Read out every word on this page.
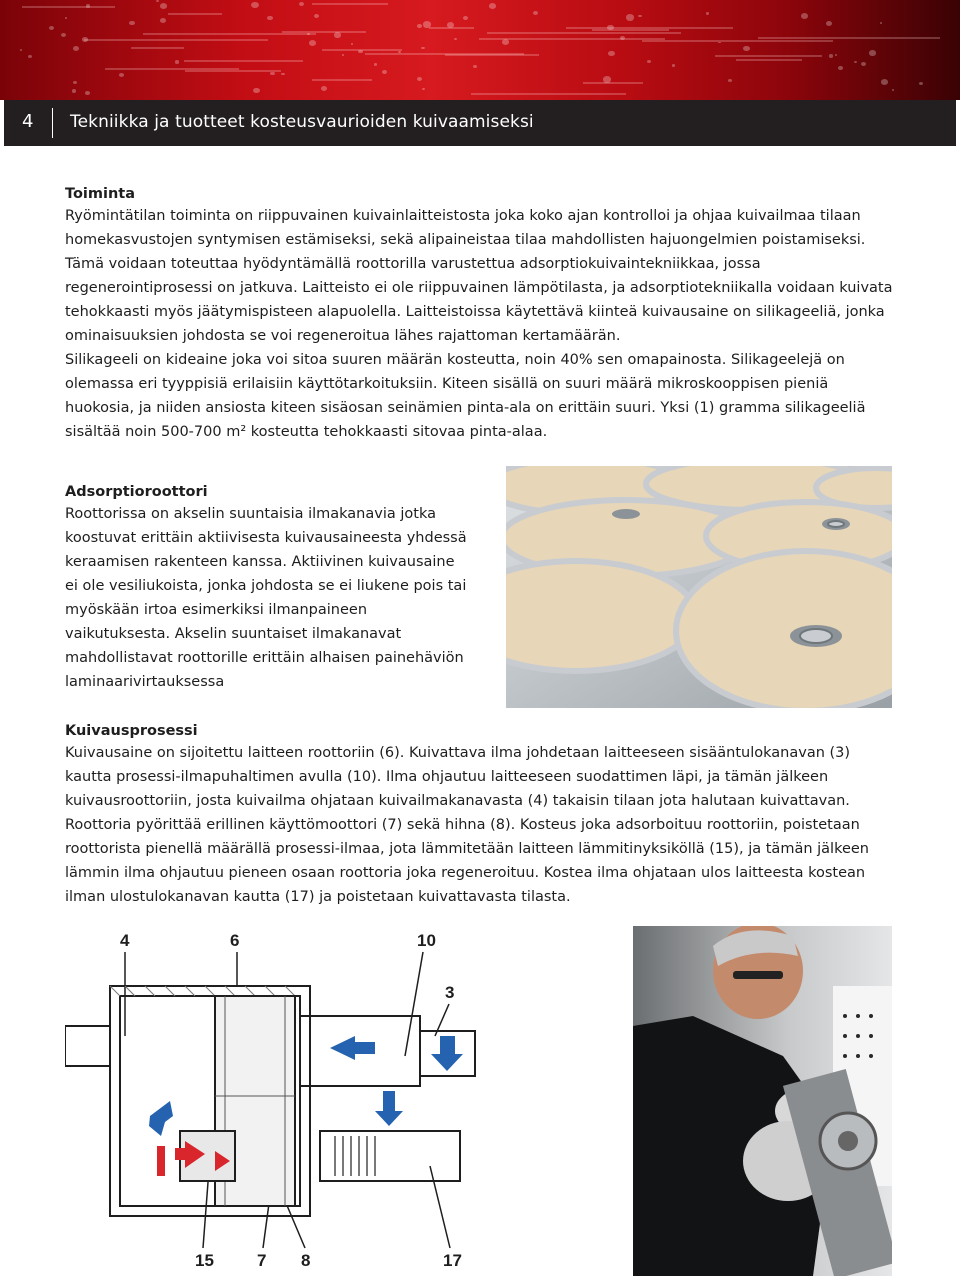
4 Tekniikka ja tuotteet kosteusvaurioiden kuivaamiseksi

Toiminta

Ryömintätilan toiminta on riippuvainen kuivainlaitteistosta joka koko ajan kontrolloi ja ohjaa kuivailmaa tilaan homekasvustojen syntymisen estämiseksi, sekä alipaineistaa tilaa mahdollisten hajuongelmien poistamiseksi. Tämä voidaan toteuttaa hyödyntämällä roottorilla varustettua adsorptiokuivaintekniikkaa, jossa regenerointiprosessi on jatkuva. Laitteisto ei ole riippuvainen lämpötilasta, ja adsorptiotekniikalla voidaan kuivata tehokkaasti myös jäätymispisteen alapuolella. Laitteistoissa käytettävä kiinteä kuivausaine on silikageeliä, jonka ominaisuuksien johdosta se voi regeneroitua lähes rajattoman kertamäärän.

Silikageeli on kideaine joka voi sitoa suuren määrän kosteutta, noin 40% sen omapainosta. Silikageelejä on olemassa eri tyyppisiä erilaisiin käyttötarkoituksiin. Kiteen sisällä on suuri määrä mikroskooppisen pieniä huokosia, ja niiden ansiosta kiteen sisäosan seinämien pinta-ala on erittäin suuri. Yksi (1) gramma silikageeliä sisältää noin 500-700 m² kosteutta tehokkaasti sitovaa pinta-alaa.

Adsorptioroottori

Roottorissa on akselin suuntaisia ilmakanavia jotka koostuvat erittäin aktiivisesta kuivausaineesta yhdessä keraamisen rakenteen kanssa. Aktiivinen kuivausaine ei ole vesiliukoista, jonka johdosta se ei liukene pois tai myöskään irtoa esimerkiksi ilmanpaineen vaikutuksesta. Akselin suuntaiset ilmakanavat mahdollistavat roottorille erittäin alhaisen painehäviön laminaarivirtauksessa

Kuivausprosessi

Kuivausaine on sijoitettu laitteen roottoriin (6). Kuivattava ilma johdetaan laitteeseen sisääntulokanavan (3) kautta prosessi-ilmapuhaltimen avulla (10). Ilma ohjautuu laitteeseen suodattimen läpi, ja tämän jälkeen kuivausroottoriin, josta kuivailma ohjataan kuivailmakanavasta (4) takaisin tilaan jota halutaan kuivattavan. Roottoria pyörittää erillinen käyttömoottori (7) sekä hihna (8). Kosteus joka adsorboituu roottoriin, poistetaan roottorista pienellä määrällä prosessi-ilmaa, jota lämmitetään laitteen lämmitinyksiköllä (15), ja tämän jälkeen lämmin ilma ohjautuu pieneen osaan roottoria joka regeneroituu. Kostea ilma ohjataan ulos laitteesta kostean ilman ulostulokanavan kautta (17) ja poistetaan kuivattavasta tilasta.

4	6	10
3
15	7 8	17
